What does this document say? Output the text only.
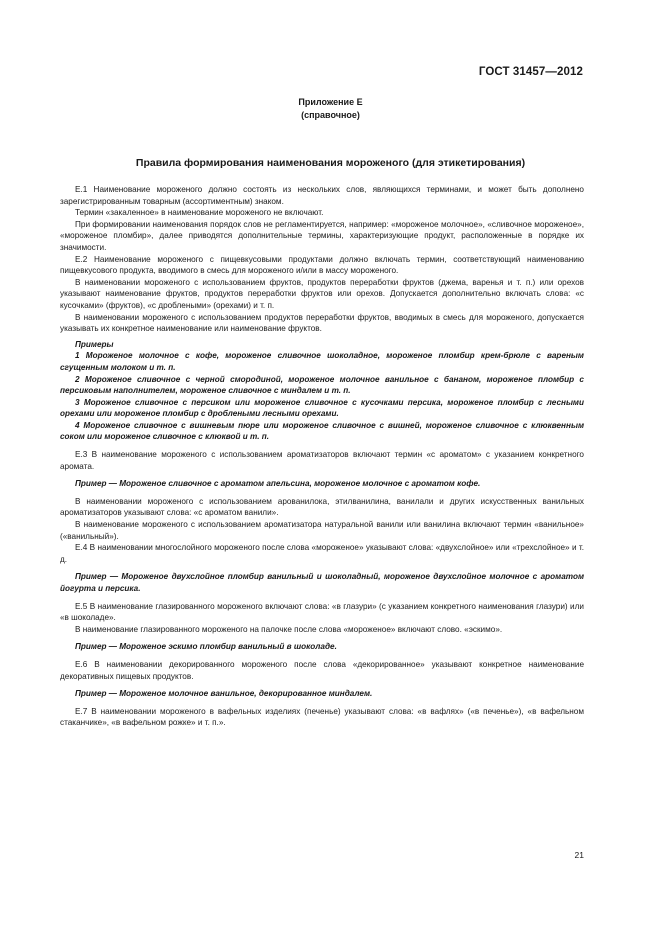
ГОСТ 31457—2012
Приложение Е
(справочное)
Правила формирования наименования мороженого (для этикетирования)

Е.1 Наименование мороженого должно состоять из нескольких слов, являющихся терминами, и может быть дополнено зарегистрированным товарным (ассортиментным) знаком.

Термин «закаленное» в наименование мороженого не включают.

При формировании наименования порядок слов не регламентируется, например: «мороженое молочное», «сливочное мороженое», «мороженое пломбир», далее приводятся дополнительные термины, характеризующие продукт, расположенные в порядке их значимости.

Е.2 Наименование мороженого с пищевкусовыми продуктами должно включать термин, соответствующий наименованию пищевкусового продукта, вводимого в смесь для мороженого и/или в массу мороженого.

В наименовании мороженого с использованием фруктов, продуктов переработки фруктов (джема, варенья и т. п.) или орехов указывают наименование фруктов, продуктов переработки фруктов или орехов. Допускается дополнительно включать слова: «с кусочками» (фруктов), «с дроблеными» (орехами) и т. п.

В наименовании мороженого с использованием продуктов переработки фруктов, вводимых в смесь для мороженого, допускается указывать их конкретное наименование или наименование фруктов.

Примеры

1 Мороженое молочное с кофе, мороженое сливочное шоколадное, мороженое пломбир крем-брюле с вареным сгущенным молоком и т. п.

2 Мороженое сливочное с черной смородиной, мороженое молочное ванильное с бананом, мороженое пломбир с персиковым наполнителем, мороженое сливочное с миндалем и т. п.

3 Мороженое сливочное с персиком или мороженое сливочное с кусочками персика, мороженое пломбир с лесными орехами или мороженое пломбир с дроблеными лесными орехами.

4 Мороженое сливочное с вишневым пюре или мороженое сливочное с вишней, мороженое сливочное с клюквенным соком или мороженое сливочное с клюквой и т. п.

Е.3 В наименование мороженого с использованием ароматизаторов включают термин «с ароматом» с указанием конкретного аромата.

Пример — Мороженое сливочное с ароматом апельсина, мороженое молочное с ароматом кофе.

В наименовании мороженого с использованием арованилока, этилванилина, ванилали и других искусственных ванильных ароматизаторов указывают слова: «с ароматом ванили».

В наименование мороженого с использованием ароматизатора натуральной ванили или ванилина включают термин «ванильное» («ванильный»).

Е.4 В наименовании многослойного мороженого после слова «мороженое» указывают слова: «двухслойное» или «трехслойное» и т. д.

Пример — Мороженое двухслойное пломбир ванильный и шоколадный, мороженое двухслойное молочное с ароматом йогурта и персика.

Е.5 В наименование глазированного мороженого включают слова: «в глазури» (с указанием конкретного наименования глазури) или «в шоколаде».

В наименование глазированного мороженого на палочке после слова «мороженое» включают слово. «эскимо».

Пример — Мороженое эскимо пломбир ванильный в шоколаде.

Е.6 В наименовании декорированного мороженого после слова «декорированное» указывают конкретное наименование декоративных пищевых продуктов.

Пример — Мороженое молочное ванильное, декорированное миндалем.

Е.7 В наименовании мороженого в вафельных изделиях (печенье) указывают слова: «в вафлях» («в печенье»), «в вафельном стаканчике», «в вафельном рожке» и т. п.».

21
